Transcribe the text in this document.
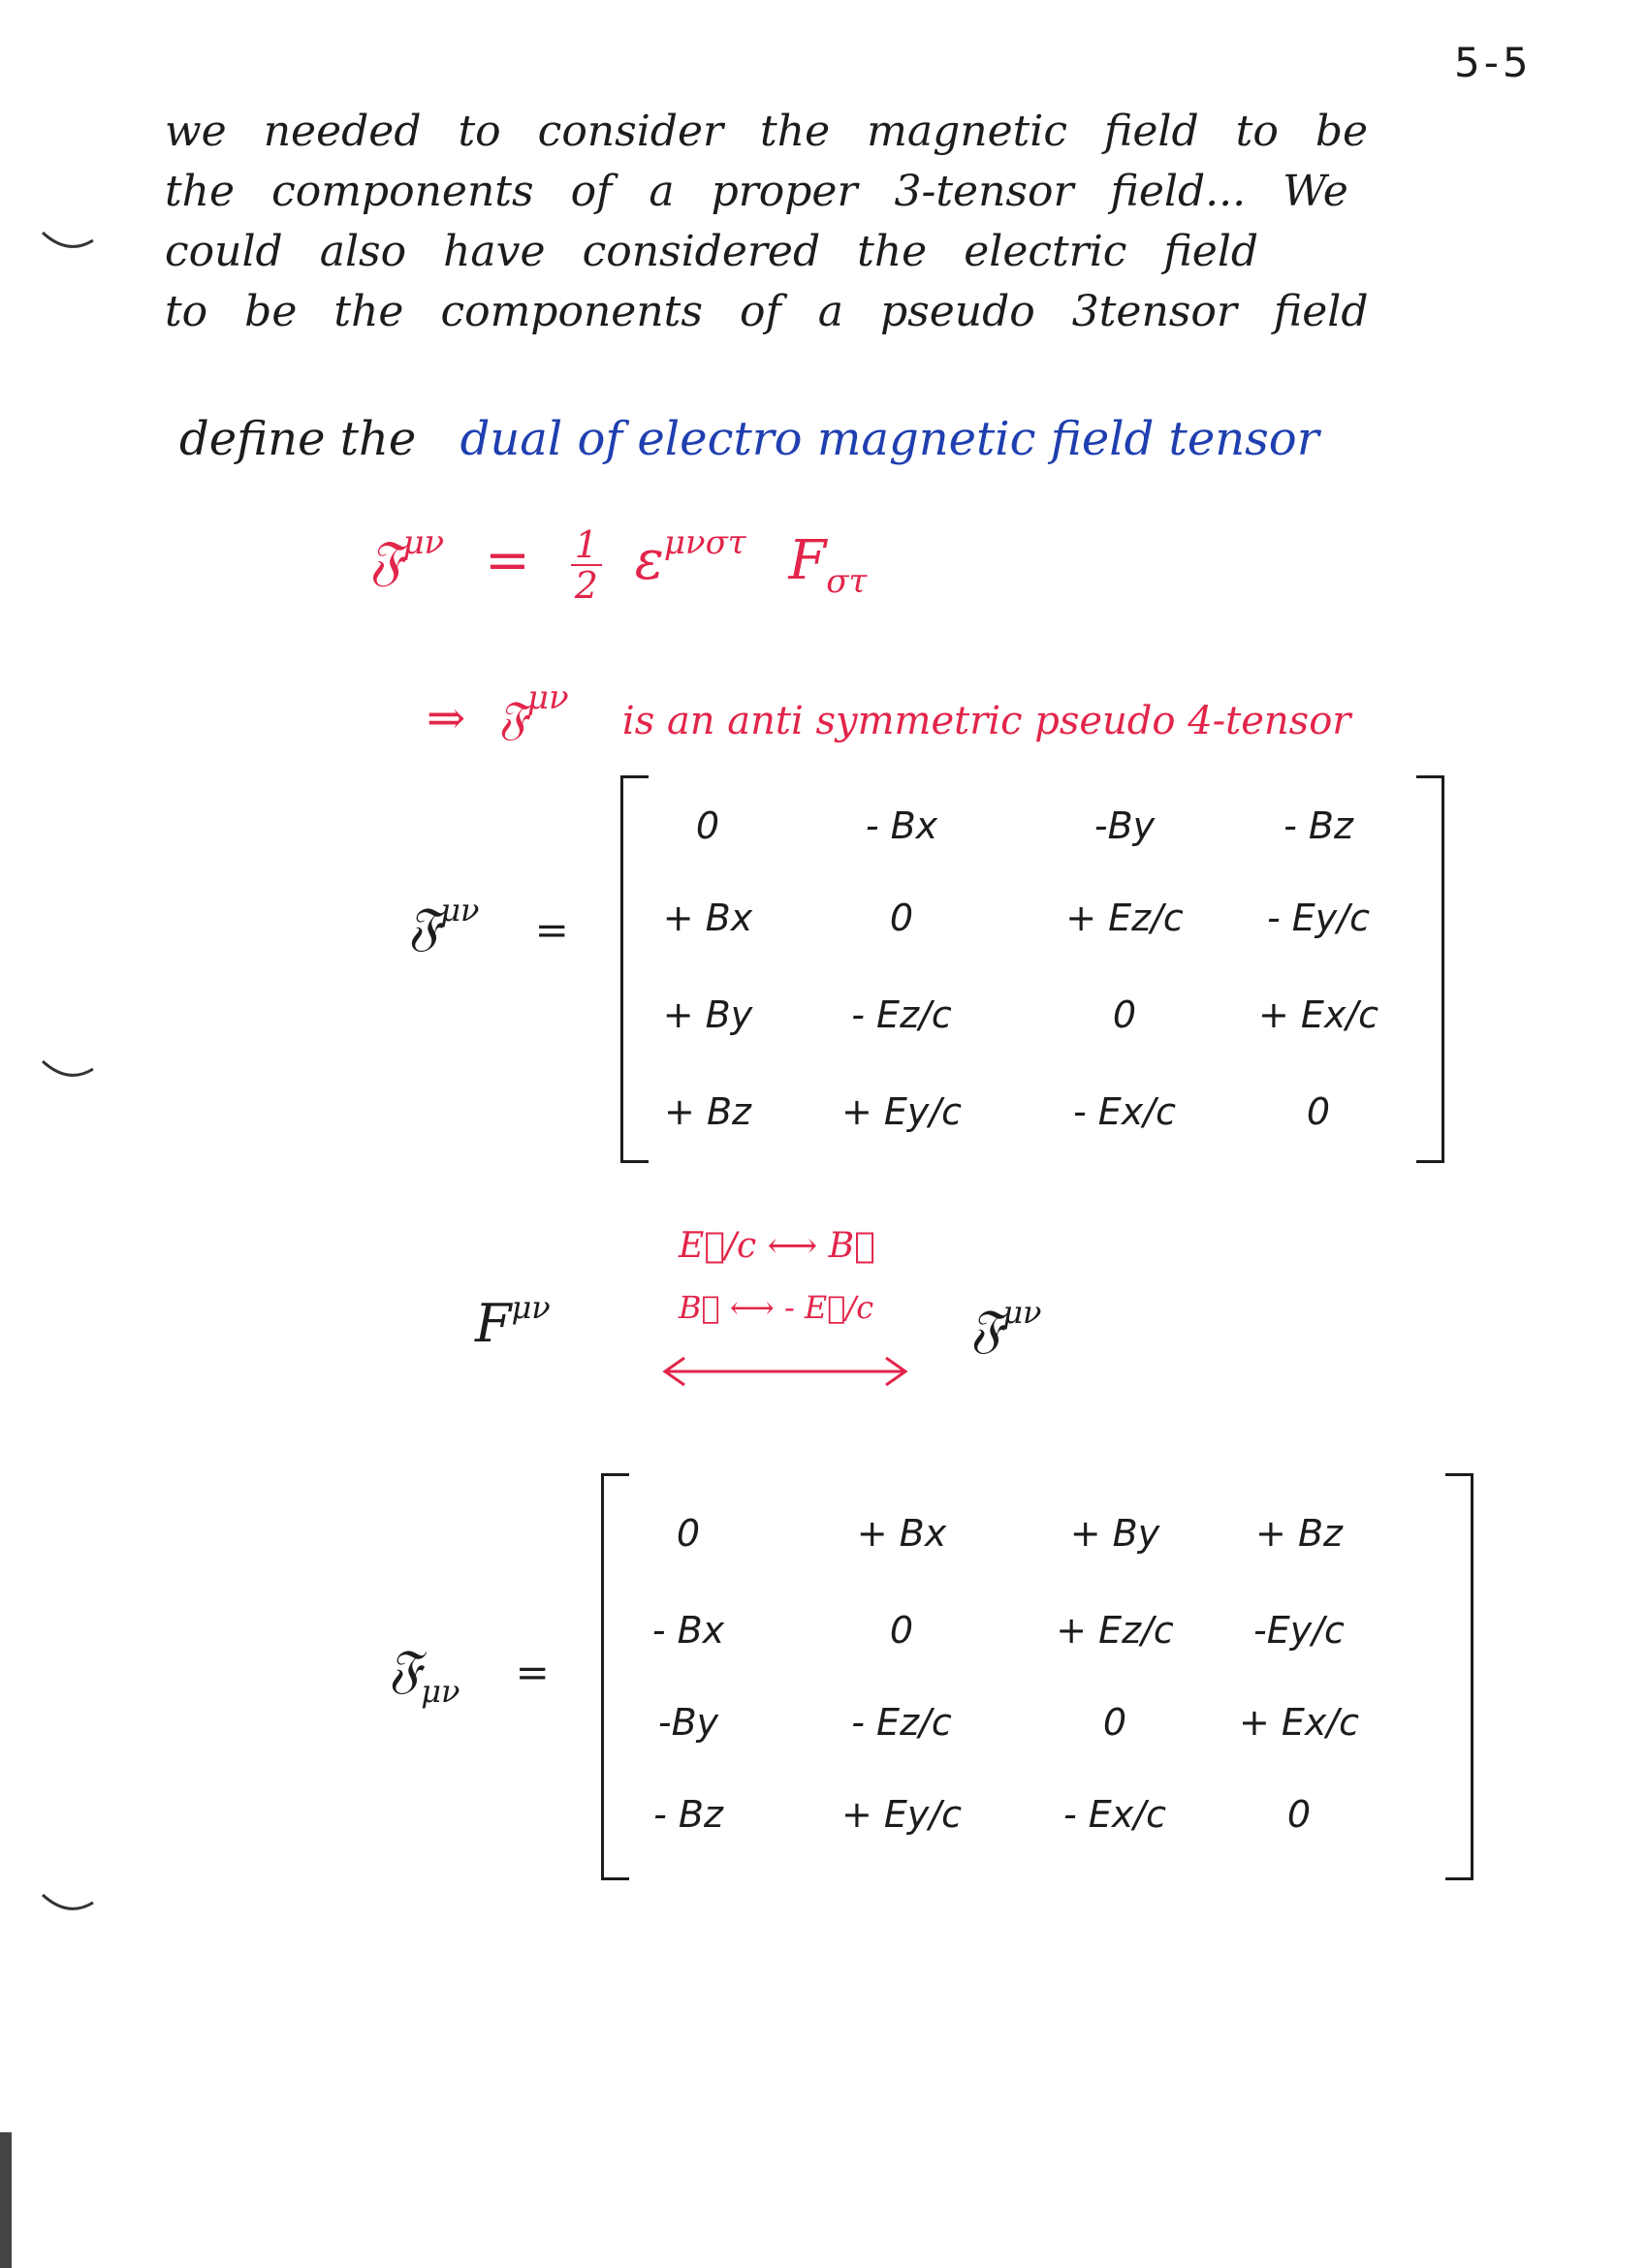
5-5
we needed to consider the magnetic field to be
the components of a proper 3-tensor field... We
could also have considered the electric field
to be the components of a pseudo 3tensor field
define the dual of electro magnetic field tensor
𝔉$^{\mu\nu}$ = $\frac{1}{2} \varepsilon^{\mu\nu\sigma\tau}$ $F_{\sigma\tau}$
⇒ 𝔉$^{\mu\nu}$ is an anti symmetric pseudo 4-tensor
𝔉$^{\mu\nu}$ =
0	- Bx	-By	- Bz
+ Bx	0	+ Ez/c	- Ey/c
+ By	- Ez/c	0	+ Ex/c
+ Bz	+ Ey/c	- Ex/c	0
$F^{\mu\nu}$
E⃗/c ⟷ B⃗
B⃗ ⟷ - E⃗/c 𝔉$^{\mu\nu}$
𝔉$_{\mu\nu}$ =
0	+ Bx	+ By	+ Bz
- Bx	0	+ Ez/c	-Ey/c
-By	- Ez/c	0	+ Ex/c
- Bz	+ Ey/c	- Ex/c	0
